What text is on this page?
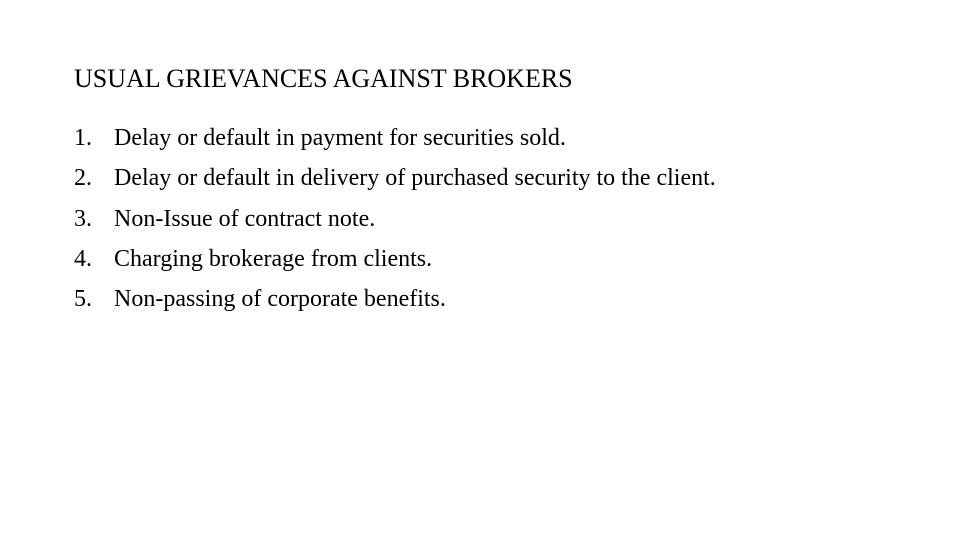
USUAL GRIEVANCES AGAINST BROKERS
1. Delay or default in payment for securities sold.
2. Delay or default in delivery of purchased security to the client.
3. Non-Issue of contract note.
4. Charging brokerage from clients.
5. Non-passing of corporate benefits.
